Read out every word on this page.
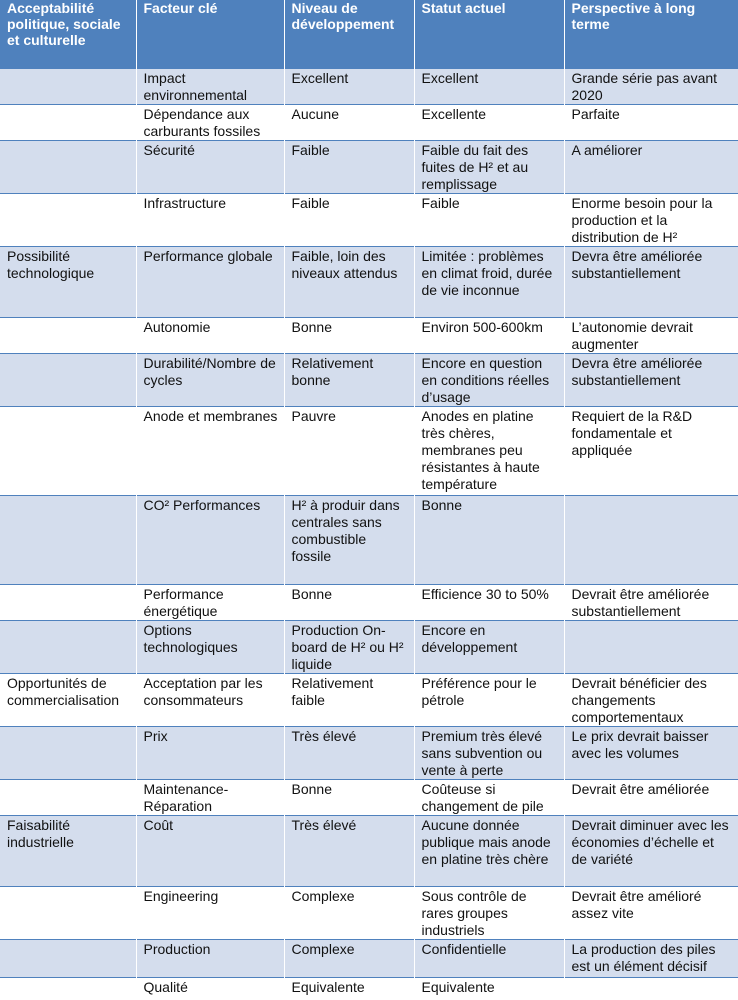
Acceptabilité politique, sociale et culturelle	Facteur clé	Niveau de développement	Statut actuel	Perspective à long terme
	Impact environnemental	Excellent	Excellent	Grande série pas avant 2020
	Dépendance aux carburants fossiles	Aucune	Excellente	Parfaite
	Sécurité	Faible	Faible du fait des fuites de H² et au remplissage	A améliorer
	Infrastructure	Faible	Faible	Enorme besoin pour la production et la distribution de H²
Possibilité technologique	Performance globale	Faible, loin des niveaux attendus	Limitée : problèmes en climat froid, durée de vie inconnue	Devra être améliorée substantiellement
	Autonomie	Bonne	Environ 500-600km	L’autonomie devrait augmenter
	Durabilité/Nombre de cycles	Relativement bonne	Encore en question en conditions réelles d’usage	Devra être améliorée substantiellement
	Anode et membranes	Pauvre	Anodes en platine très chères, membranes peu résistantes à haute température	Requiert de la R&D fondamentale et appliquée
	CO² Performances	H² à produir dans centrales sans combustible fossile	Bonne	
	Performance énergétique	Bonne	Efficience 30 to 50%	Devrait être améliorée substantiellement
	Options technologiques	Production On-board de H² ou H² liquide	Encore en développement	
Opportunités de commercialisation	Acceptation par les consommateurs	Relativement faible	Préférence pour le pétrole	Devrait bénéficier des changements comportementaux
	Prix	Très élevé	Premium très élevé sans subvention ou vente à perte	Le prix devrait baisser avec les volumes
	Maintenance-Réparation	Bonne	Coûteuse si changement de pile	Devrait être améliorée
Faisabilité industrielle	Coût	Très élevé	Aucune donnée publique mais anode en platine très chère	Devrait diminuer avec les économies d’échelle et de variété
	Engineering	Complexe	Sous contrôle de rares groupes industriels	Devrait être amélioré assez vite
	Production	Complexe	Confidentielle	La production des piles est un élément décisif
	Qualité	Equivalente	Equivalente	
